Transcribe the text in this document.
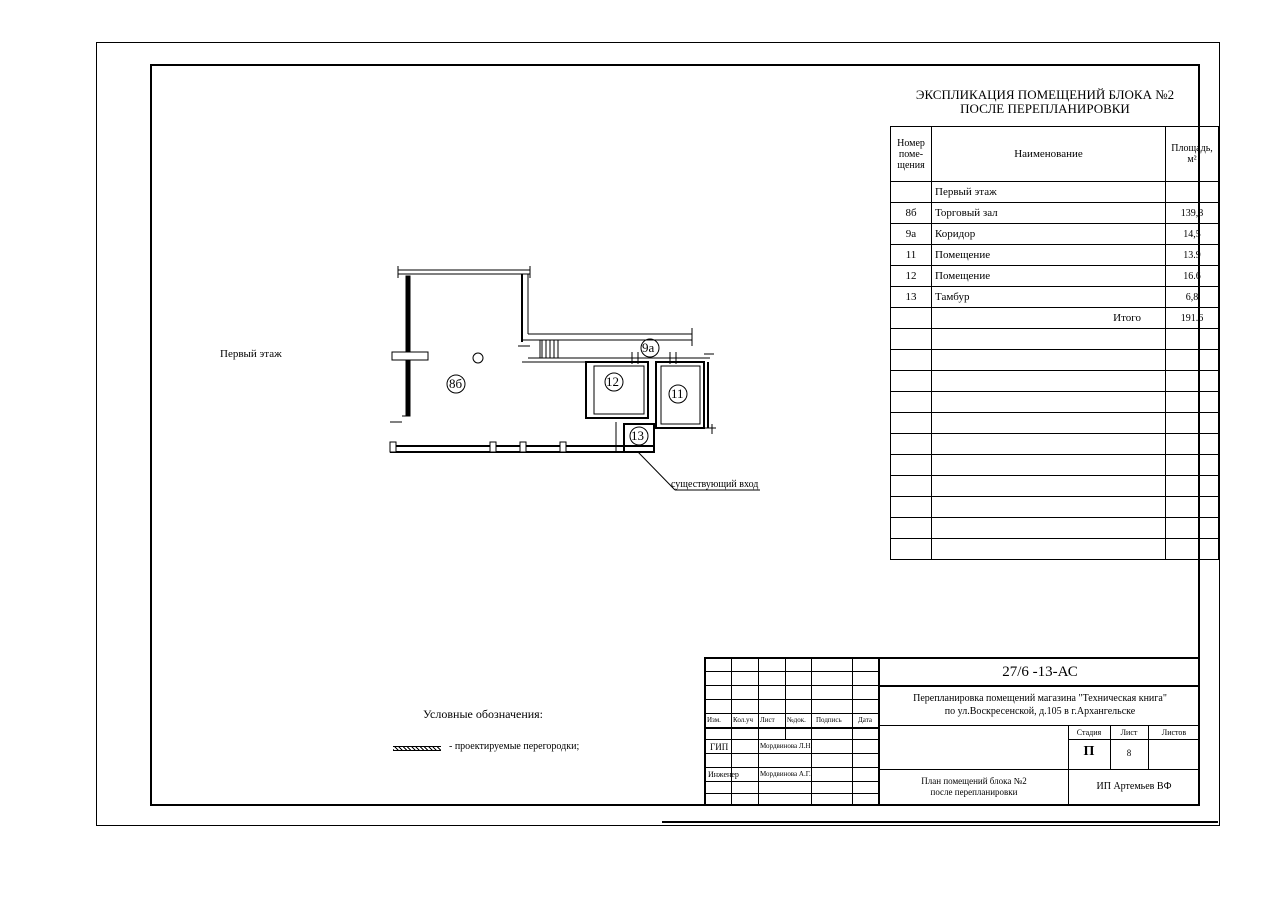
ЭКСПЛИКАЦИЯ ПОМЕЩЕНИЙ БЛОКА №2
ПОСЛЕ ПЕРЕПЛАНИРОВКИ
Номер поме-щения	Наименование	Площадь, м²
	Первый этаж	
8б	Торговый зал	139,8
9а	Коридор	14,5
11	Помещение	13.9
12	Помещение	16.6
13	Тамбур	6,8
	Итого	191.6

Первый этаж
8б
9а
12
11
13
существующий вход
Условные обозначения:
- проектируемые перегородки;
Изм. Кол.уч Лист №док. Подпись Дата
ГИП	Мордвинова Л.Н
Инженер	Мордвинова А.Г.
27/6 -13-АС
Перепланировка помещений магазина "Техническая книга"
по ул.Воскресенской, д.105 в г.Архангельске
Стадия	Лист	Листов
П	8
План помещений блока №2
после перепланировки	ИП Артемьев ВФ
